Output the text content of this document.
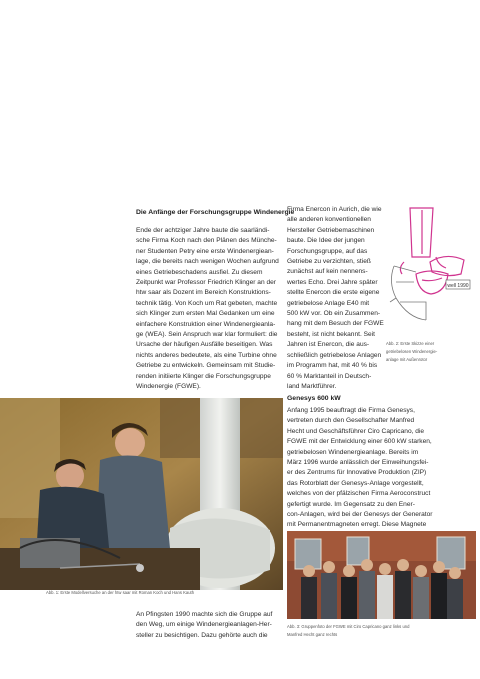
Die Anfänge der Forschungsgruppe Windenergie
Ende der achtziger Jahre baute die saarländi-
sche Firma Koch nach den Plänen des Münche-
ner Studenten Petry eine erste Windenergiean-
lage, die bereits nach wenigen Wochen aufgrund
eines Getriebeschadens ausfiel. Zu diesem
Zeitpunkt war Professor Friedrich Klinger an der
htw saar als Dozent im Bereich Konstruktions-
technik tätig. Von Koch um Rat gebeten, machte
sich Klinger zum ersten Mal Gedanken um eine
einfachere Konstruktion einer Windenergieanla-
ge (WEA). Sein Anspruch war klar formuliert: die
Ursache der häufigen Ausfälle beseitigen. Was
nichts anderes bedeutete, als eine Turbine ohne
Getriebe zu entwickeln. Gemeinsam mit Studie-
renden initiierte Klinger die Forschungsgruppe
Windenergie (FGWE).
Firma Enercon in Aurich, die wie
alle anderen konventionellen
Hersteller Getriebemaschinen
baute. Die Idee der jungen
Forschungsgruppe, auf das
Getriebe zu verzichten, stieß
zunächst auf kein nennens-
wertes Echo. Drei Jahre später
stellte Enercon die erste eigene
getriebelose Anlage E40 mit
500 kW vor. Ob ein Zusammen-
hang mit dem Besuch der FGWE
besteht, ist nicht bekannt. Seit
Jahren ist Enercon, die aus-
schließlich getriebelose Anlagen
im Programm hat, mit 40 % bis
60 % Marktanteil in Deutsch-
land Marktführer.
well 1990
Abb. 2: Erste Skizze einer
getriebelosen Windenergie-
anlage mit Außenrotor
Genesys 600 kW
Anfang 1995 beauftragt die Firma Genesys,
vertreten durch den Gesellschafter Manfred
Hecht und Geschäftsführer Ciro Capricano, die
FGWE mit der Entwicklung einer 600 kW starken,
getriebelosen Windenergieanlage. Bereits im
März 1996 wurde anlässlich der Einweihungsfei-
er des Zentrums für Innovative Produktion (ZIP)
das Rotorblatt der Genesys-Anlage vorgestellt,
welches von der pfälzischen Firma Aeroconstruct
gefertigt wurde. Im Gegensatz zu den Ener-
con-Anlagen, wird bei der Genesys der Generator
mit Permanentmagneten erregt. Diese Magnete
Abb. 1: Erste Modellversuche an der htw saar mit Roman Koch und Hans Kauth
Abb. 3: Gruppenfoto der FGWE mit Ciro Capricano ganz links und
Manfred Hecht ganz rechts
An Pfingsten 1990 machte sich die Gruppe auf
den Weg, um einige Windenergieanlagen-Her-
steller zu besichtigen. Dazu gehörte auch die
